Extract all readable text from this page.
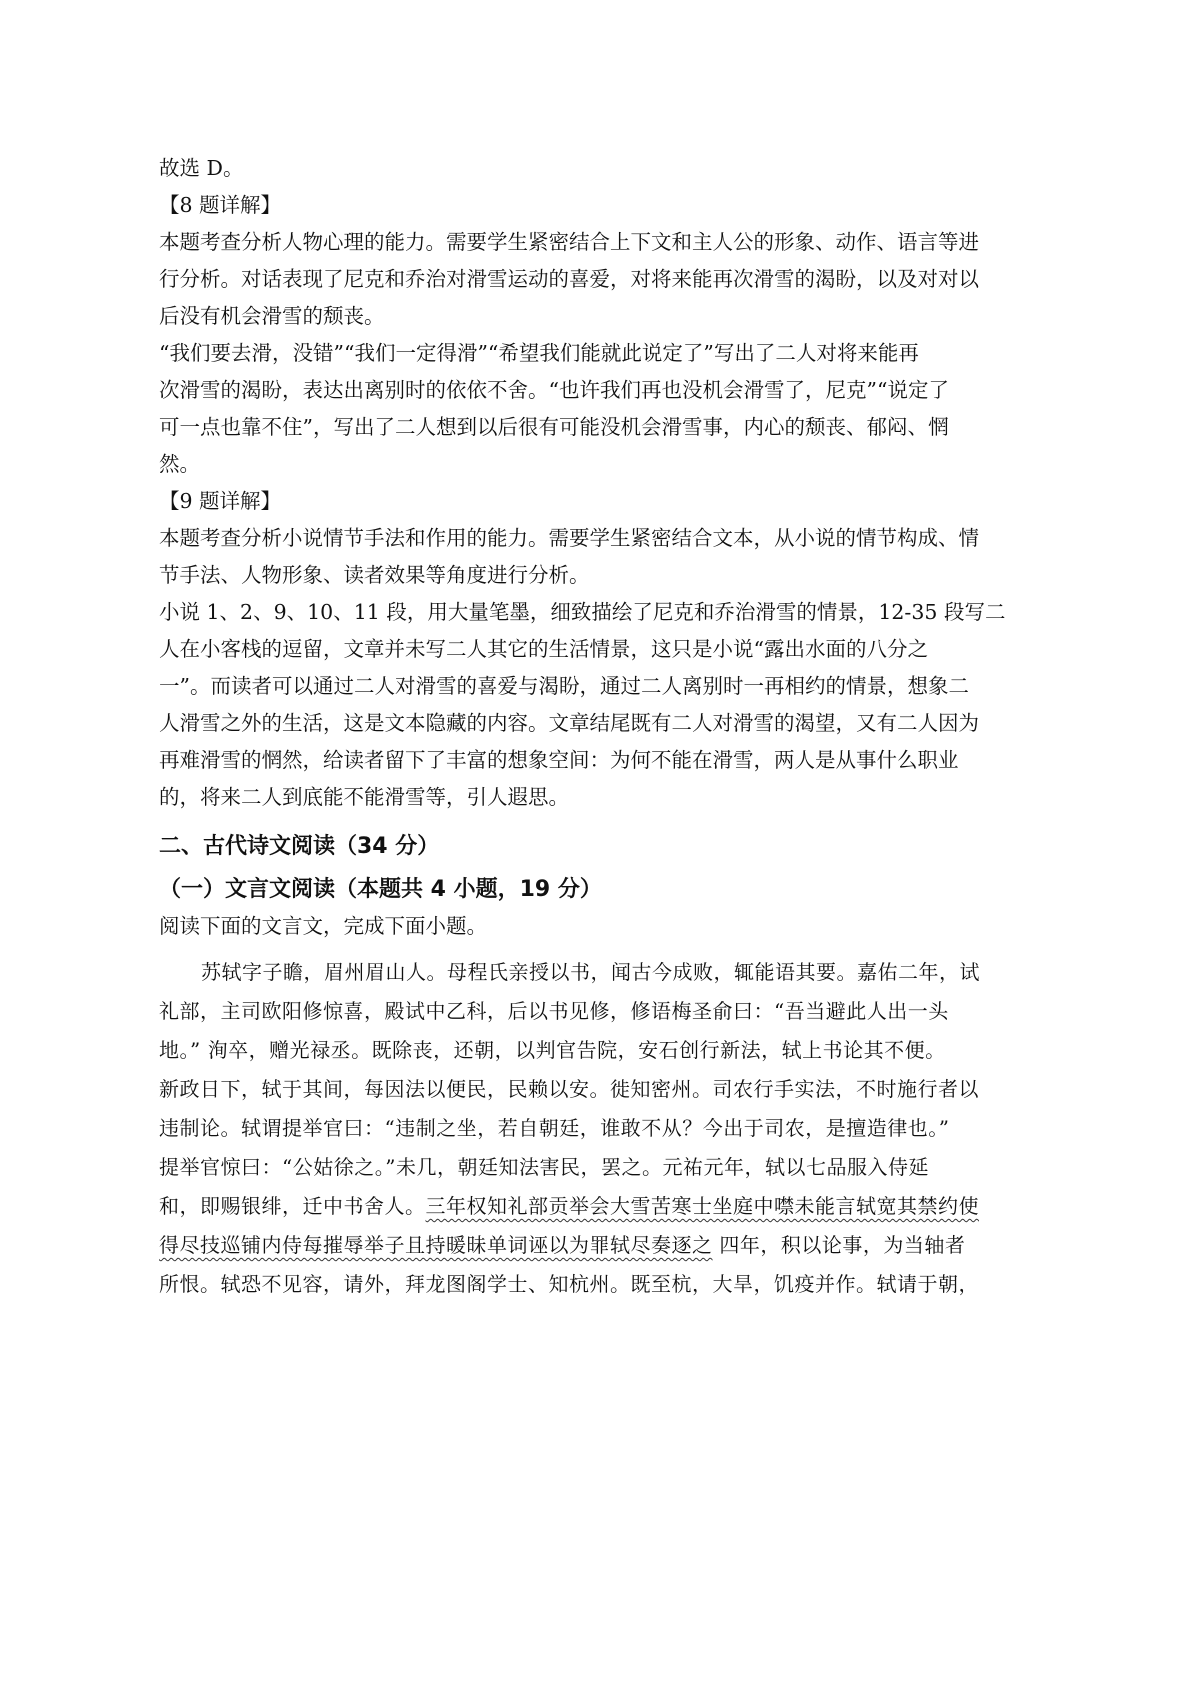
故选 D。

【8 题详解】

本题考查分析人物心理的能力。需要学生紧密结合上下文和主人公的形象、动作、语言等进

行分析。对话表现了尼克和乔治对滑雪运动的喜爱，对将来能再次滑雪的渴盼，以及对对以

后没有机会滑雪的颓丧。

“我们要去滑，没错”“我们一定得滑”“希望我们能就此说定了”写出了二人对将来能再

次滑雪的渴盼，表达出离别时的依依不舍。“也许我们再也没机会滑雪了，尼克”“说定了

可一点也靠不住”，写出了二人想到以后很有可能没机会滑雪事，内心的颓丧、郁闷、惘

然。

【9 题详解】

本题考查分析小说情节手法和作用的能力。需要学生紧密结合文本，从小说的情节构成、情

节手法、人物形象、读者效果等角度进行分析。

小说 1、2、9、10、11 段，用大量笔墨，细致描绘了尼克和乔治滑雪的情景，12-35 段写二

人在小客栈的逗留，文章并未写二人其它的生活情景，这只是小说“露出水面的八分之

一”。而读者可以通过二人对滑雪的喜爱与渴盼，通过二人离别时一再相约的情景，想象二

人滑雪之外的生活，这是文本隐藏的内容。文章结尾既有二人对滑雪的渴望，又有二人因为

再难滑雪的惘然，给读者留下了丰富的想象空间：为何不能在滑雪，两人是从事什么职业

的，将来二人到底能不能滑雪等，引人遐思。

二、古代诗文阅读（34 分）

（一）文言文阅读（本题共 4 小题，19 分）

阅读下面的文言文，完成下面小题。

苏轼字子瞻，眉州眉山人。母程氏亲授以书，闻古今成败，辄能语其要。嘉佑二年，试

礼部，主司欧阳修惊喜，殿试中乙科，后以书见修，修语梅圣俞曰：“吾当避此人出一头

地。” 洵卒，赠光禄丞。既除丧，还朝，以判官告院，安石创行新法，轼上书论其不便。

新政日下，轼于其间，每因法以便民，民赖以安。徙知密州。司农行手实法，不时施行者以

违制论。轼谓提举官曰：“违制之坐，若自朝廷，谁敢不从？今出于司农，是擅造律也。”

提举官惊曰：“公姑徐之。”未几，朝廷知法害民，罢之。元祐元年，轼以七品服入侍延

和，即赐银绯，迁中书舍人。三年权知礼部贡举会大雪苦寒士坐庭中噤未能言轼宽其禁约使

得尽技巡铺内侍每摧辱举子且持暖昧单词诬以为罪轼尽奏逐之 四年，积以论事，为当轴者

所恨。轼恐不见容，请外，拜龙图阁学士、知杭州。既至杭，大旱，饥疫并作。轼请于朝，
